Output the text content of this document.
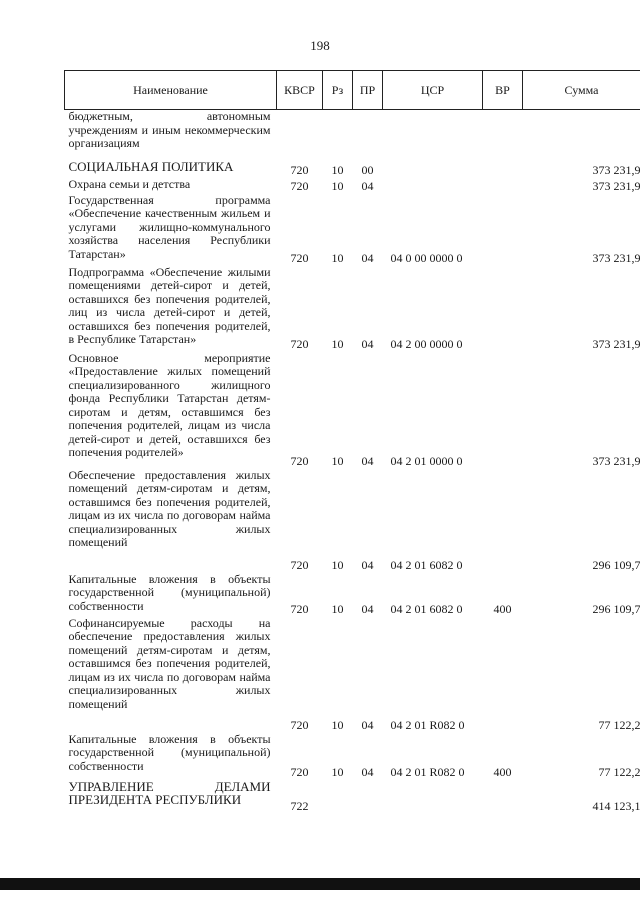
198
Наименование	КВСР	Рз	ПР	ЦСР	ВР	Сумма
бюджетным, автономным учреждениям и иным некоммерческим организациям						
СОЦИАЛЬНАЯ ПОЛИТИКА	720	10	00			373 231,9
Охрана семьи и детства	720	10	04			373 231,9
Государственная программа «Обеспечение качественным жильем и услугами жилищно-коммунального хозяйства населения Республики Татарстан»	720	10	04	04 0 00 0000 0		373 231,9
Подпрограмма «Обеспечение жилыми помещениями детей-сирот и детей, оставшихся без попечения родителей, лиц из числа детей-сирот и детей, оставшихся без попечения родителей, в Республике Татарстан»	720	10	04	04 2 00 0000 0		373 231,9
Основное мероприятие «Предоставление жилых помещений специализированного жилищного фонда Республики Татарстан детям-сиротам и детям, оставшимся без попечения родителей, лицам из числа детей-сирот и детей, оставшихся без попечения родителей»	720	10	04	04 2 01 0000 0		373 231,9
Обеспечение предоставления жилых помещений детям-сиротам и детям, оставшимся без попечения родителей, лицам из их числа по договорам найма специализированных жилых помещений	720	10	04	04 2 01 6082 0		296 109,7
Капитальные вложения в объекты государственной (муниципальной) собственности	720	10	04	04 2 01 6082 0	400	296 109,7
Софинансируемые расходы на обеспечение предоставления жилых помещений детям-сиротам и детям, оставшимся без попечения родителей, лицам из их числа по договорам найма специализированных жилых помещений	720	10	04	04 2 01 R082 0		77 122,2
Капитальные вложения в объекты государственной (муниципальной) собственности	720	10	04	04 2 01 R082 0	400	77 122,2
УПРАВЛЕНИЕ ДЕЛАМИ ПРЕЗИДЕНТА РЕСПУБЛИКИ	722					414 123,1
